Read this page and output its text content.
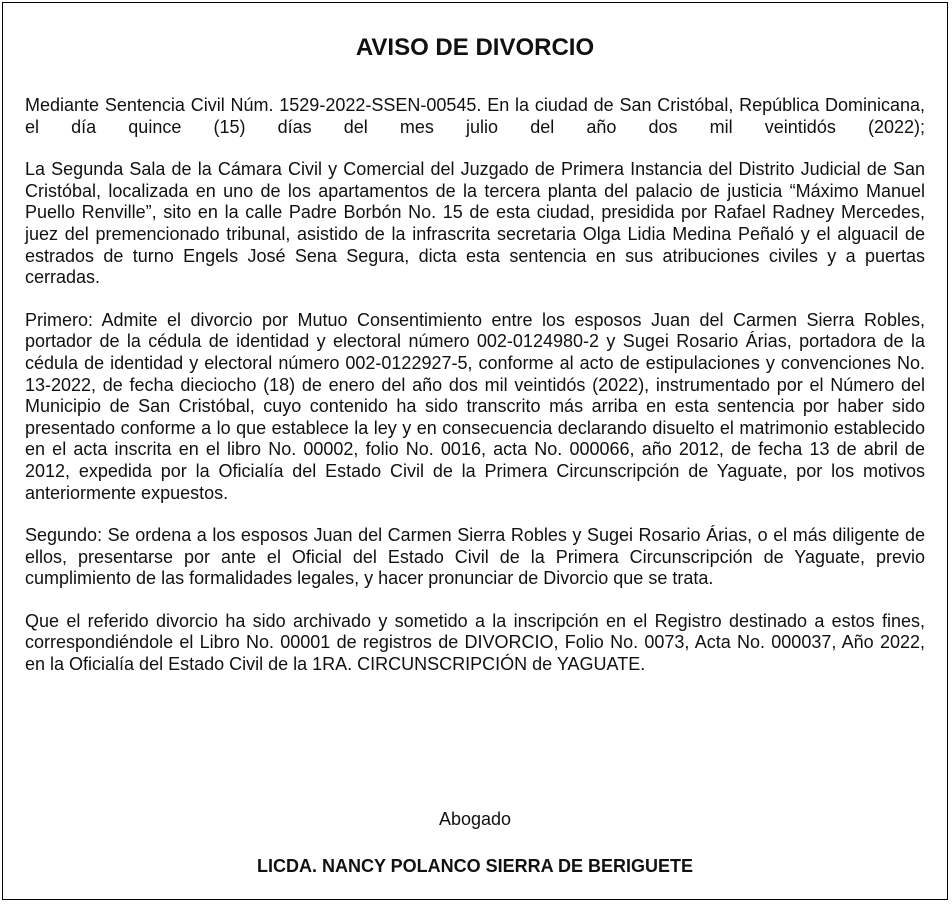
AVISO DE DIVORCIO

Mediante Sentencia Civil Núm. 1529-2022-SSEN-00545. En la ciudad de San Cristóbal, República Dominicana, el día quince (15) días del mes julio del año dos mil veintidós (2022);

La Segunda Sala de la Cámara Civil y Comercial del Juzgado de Primera Instancia del Distrito Judicial de San Cristóbal, localizada en uno de los apartamentos de la tercera planta del palacio de justicia “Máximo Manuel Puello Renville”, sito en la calle Padre Borbón No. 15 de esta ciudad, presidida por Rafael Radney Mercedes, juez del premencionado tribunal, asistido de la infrascrita secretaria Olga Lidia Medina Peñaló y el alguacil de estrados de turno Engels José Sena Segura, dicta esta sentencia en sus atribuciones civiles y a puertas cerradas.

Primero: Admite el divorcio por Mutuo Consentimiento entre los esposos Juan del Carmen Sierra Robles, portador de la cédula de identidad y electoral número 002-0124980-2 y Sugei Rosario Árias, portadora de la cédula de identidad y electoral número 002-0122927-5, conforme al acto de estipulaciones y convenciones No. 13-2022, de fecha dieciocho (18) de enero del año dos mil veintidós (2022), instrumentado por el Número del Municipio de San Cristóbal, cuyo contenido ha sido transcrito más arriba en esta sentencia por haber sido presentado conforme a lo que establece la ley y en consecuencia declarando disuelto el matrimonio establecido en el acta inscrita en el libro No. 00002, folio No. 0016, acta No. 000066, año 2012, de fecha 13 de abril de 2012, expedida por la Oficialía del Estado Civil de la Primera Circunscripción de Yaguate, por los motivos anteriormente expuestos.

Segundo: Se ordena a los esposos Juan del Carmen Sierra Robles y Sugei Rosario Árias, o el más diligente de ellos, presentarse por ante el Oficial del Estado Civil de la Primera Circunscripción de Yaguate, previo cumplimiento de las formalidades legales, y hacer pronunciar de Divorcio que se trata.

Que el referido divorcio ha sido archivado y sometido a la inscripción en el Registro destinado a estos fines, correspondiéndole el Libro No. 00001 de registros de DIVORCIO, Folio No. 0073, Acta No. 000037, Año 2022, en la Oficialía del Estado Civil de la 1RA. CIRCUNSCRIPCIÓN de YAGUATE.

Abogado

LICDA. NANCY POLANCO SIERRA DE BERIGUETE
